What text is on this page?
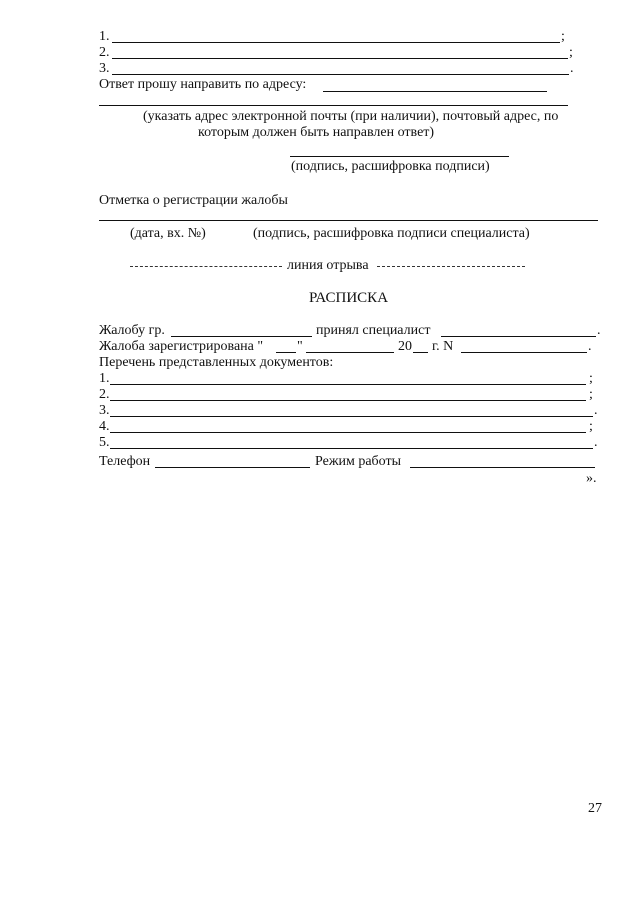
1.	;
2.	;
3.	.
Ответ прошу направить по адресу:
(указать адрес электронной почты (при наличии), почтовый адрес, по
которым должен быть направлен ответ)
(подпись, расшифровка подписи)
Отметка о регистрации жалобы
(дата, вх. №)	(подпись, расшифровка подписи специалиста)
линия отрыва
РАСПИСКА
Жалобу гр.	принял специалист	.
Жалоба зарегистрирована " "	20 г. N	.
Перечень представленных документов:
1.	;
2.	;
3.	.
4.	;
5.	.
Телефон	Режим работы
».
27
